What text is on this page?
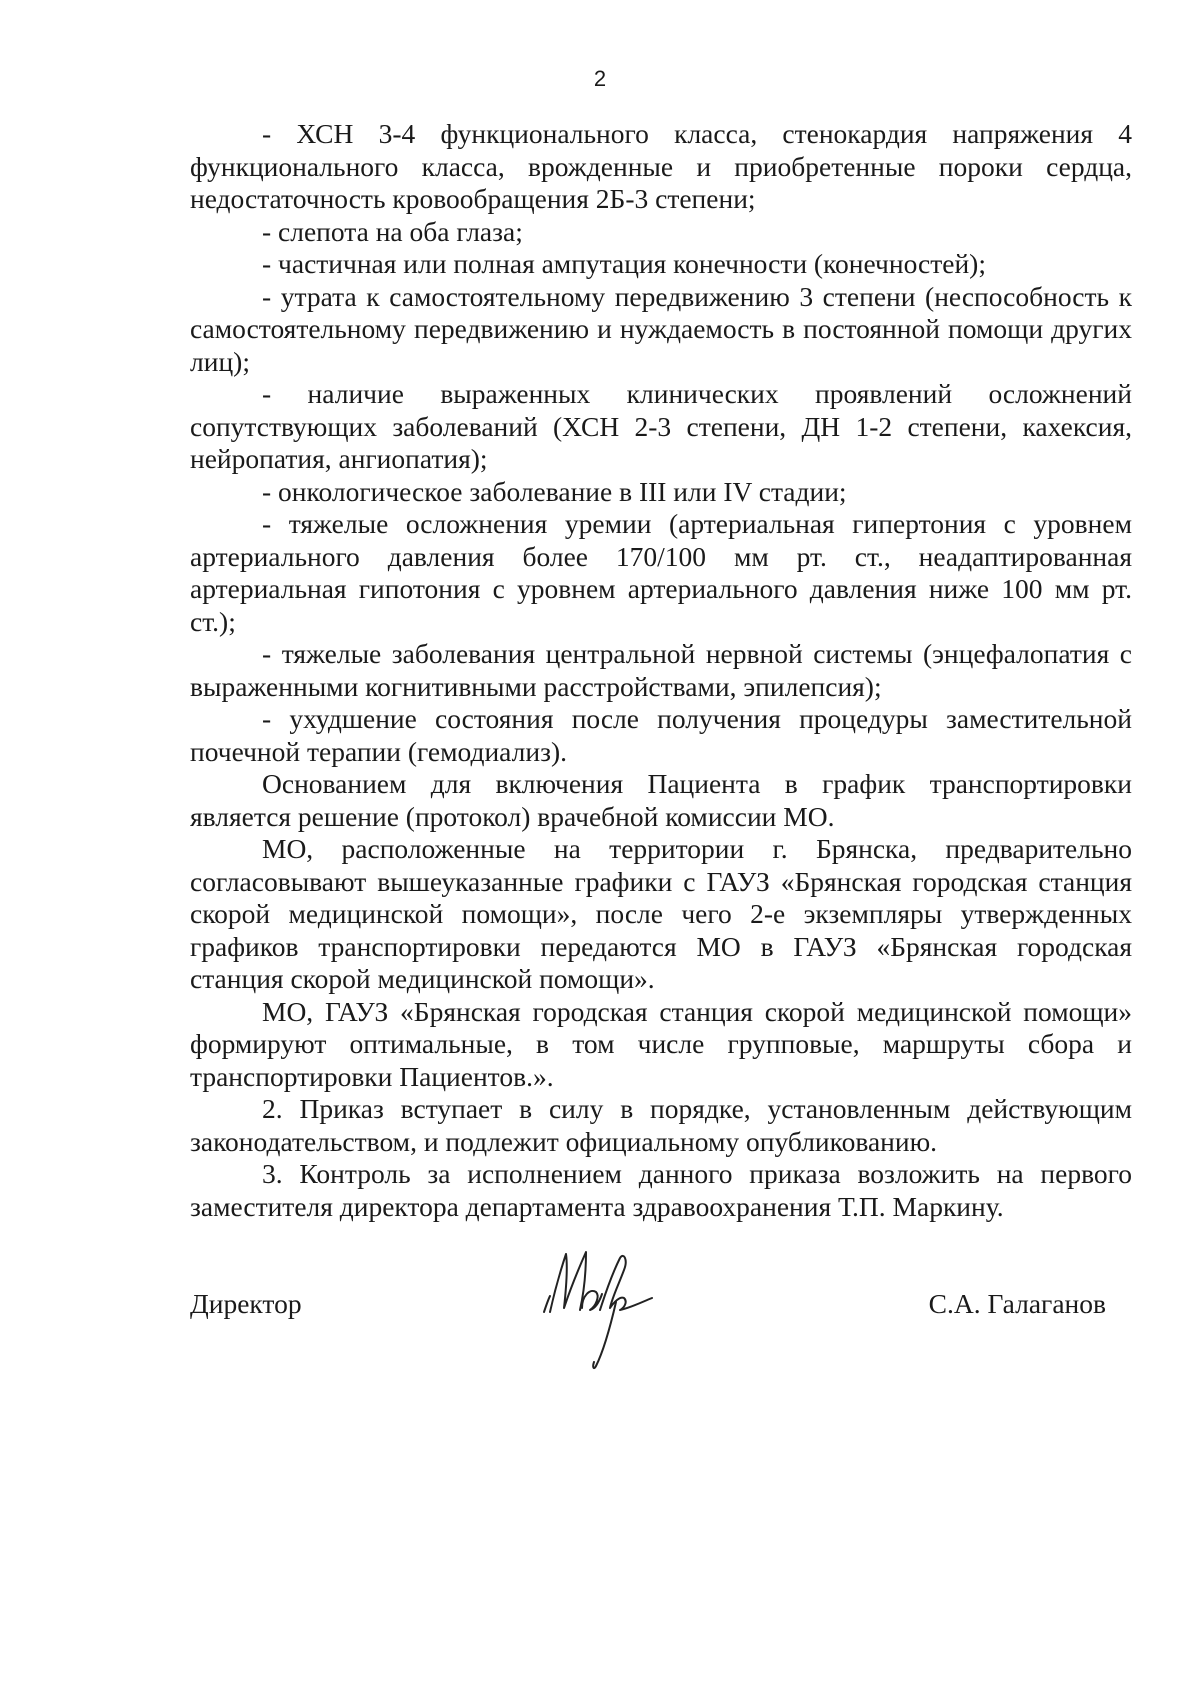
2

- ХСН 3-4 функционального класса, стенокардия напряжения 4 функционального класса, врожденные и приобретенные пороки сердца, недостаточность кровообращения 2Б-3 степени;

- слепота на оба глаза;

- частичная или полная ампутация конечности (конечностей);

- утрата к самостоятельному передвижению 3 степени (неспособность к самостоятельному передвижению и нуждаемость в постоянной помощи других лиц);

- наличие выраженных клинических проявлений осложнений сопутствующих заболеваний (ХСН 2-3 степени, ДН 1-2 степени, кахексия, нейропатия, ангиопатия);

- онкологическое заболевание в III или IV стадии;

- тяжелые осложнения уремии (артериальная гипертония с уровнем артериального давления более 170/100 мм рт. ст., неадаптированная артериальная гипотония с уровнем артериального давления ниже 100 мм рт. ст.);

- тяжелые заболевания центральной нервной системы (энцефалопатия с выраженными когнитивными расстройствами, эпилепсия);

- ухудшение состояния после получения процедуры заместительной почечной терапии (гемодиализ).

Основанием для включения Пациента в график транспортировки является решение (протокол) врачебной комиссии МО.

МО, расположенные на территории г. Брянска, предварительно согласовывают вышеуказанные графики с ГАУЗ «Брянская городская станция скорой медицинской помощи», после чего 2-е экземпляры утвержденных графиков транспортировки передаются МО в ГАУЗ «Брянская городская станция скорой медицинской помощи».

МО, ГАУЗ «Брянская городская станция скорой медицинской помощи» формируют оптимальные, в том числе групповые, маршруты сбора и транспортировки Пациентов.».

2. Приказ вступает в силу в порядке, установленным действующим законодательством, и подлежит официальному опубликованию.

3. Контроль за исполнением данного приказа возложить на первого заместителя директора департамента здравоохранения Т.П. Маркину.

Директор	С.А. Галаганов
